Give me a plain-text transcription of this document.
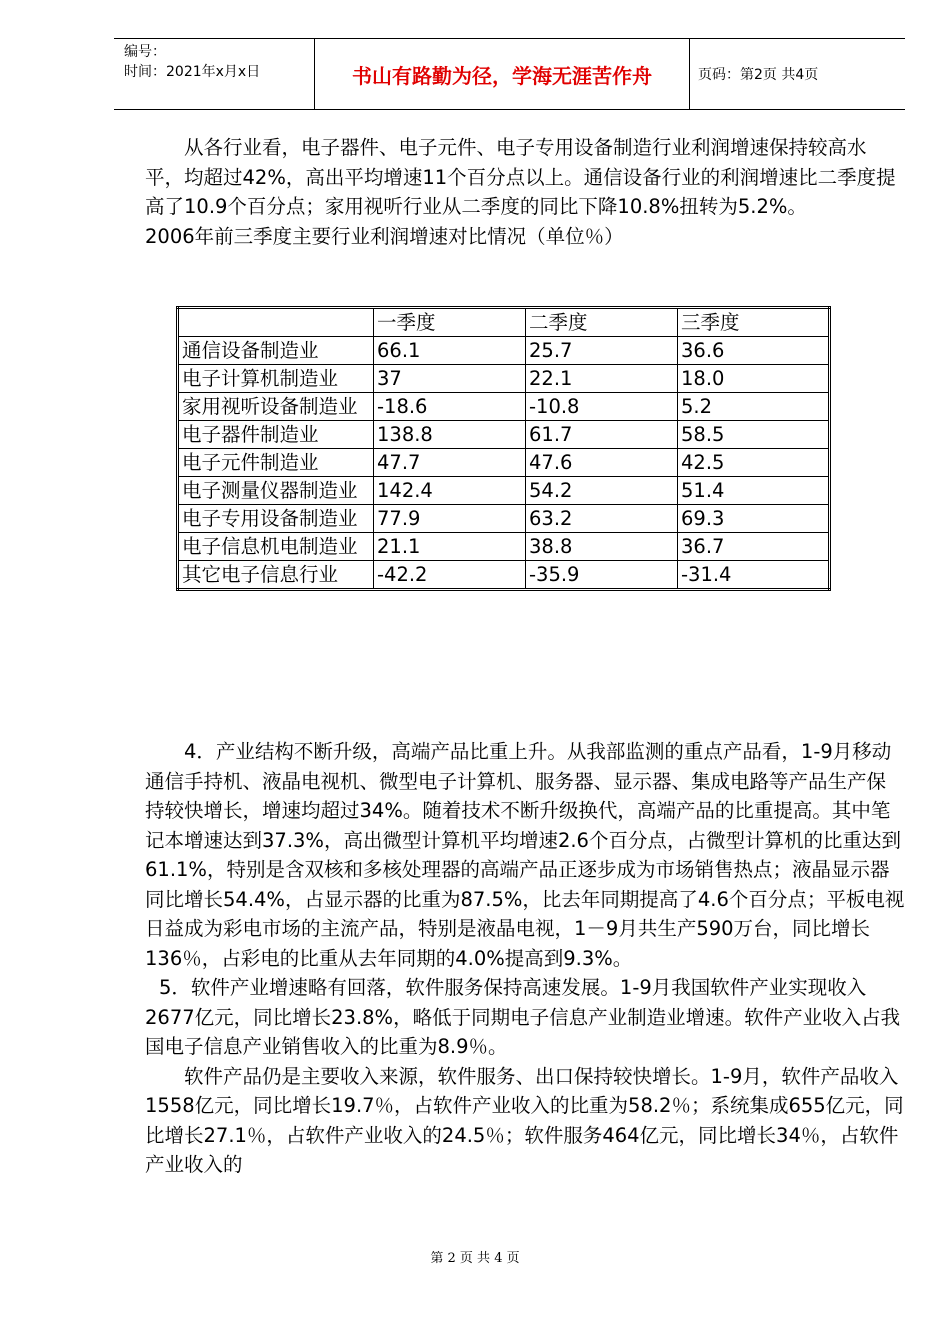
编号：
时间：2021年x月x日	书山有路勤为径，学海无涯苦作舟	页码：第2页 共4页

从各行业看，电子器件、电子元件、电子专用设备制造行业利润增速保持较高水平，均超过42%，高出平均增速11个百分点以上。通信设备行业的利润增速比二季度提高了10.9个百分点；家用视听行业从二季度的同比下降10.8%扭转为5.2%。

2006年前三季度主要行业利润增速对比情况（单位％）

	一季度	二季度	三季度
通信设备制造业	66.1	25.7	36.6
电子计算机制造业	37	22.1	18.0
家用视听设备制造业	-18.6	-10.8	5.2
电子器件制造业	138.8	61.7	58.5
电子元件制造业	47.7	47.6	42.5
电子测量仪器制造业	142.4	54.2	51.4
电子专用设备制造业	77.9	63.2	69.3
电子信息机电制造业	21.1	38.8	36.7
其它电子信息行业	-42.2	-35.9	-31.4

4．产业结构不断升级，高端产品比重上升。从我部监测的重点产品看，1-9月移动通信手持机、液晶电视机、微型电子计算机、服务器、显示器、集成电路等产品生产保持较快增长，增速均超过34%。随着技术不断升级换代，高端产品的比重提高。其中笔记本增速达到37.3%，高出微型计算机平均增速2.6个百分点，占微型计算机的比重达到61.1%，特别是含双核和多核处理器的高端产品正逐步成为市场销售热点；液晶显示器同比增长54.4%，占显示器的比重为87.5%，比去年同期提高了4.6个百分点；平板电视日益成为彩电市场的主流产品，特别是液晶电视，1－9月共生产590万台，同比增长136％，占彩电的比重从去年同期的4.0%提高到9.3%。

5．软件产业增速略有回落，软件服务保持高速发展。1-9月我国软件产业实现收入2677亿元，同比增长23.8%，略低于同期电子信息产业制造业增速。软件产业收入占我国电子信息产业销售收入的比重为8.9％。

软件产品仍是主要收入来源，软件服务、出口保持较快增长。1-9月，软件产品收入1558亿元，同比增长19.7％，占软件产业收入的比重为58.2％；系统集成655亿元，同比增长27.1％，占软件产业收入的24.5％；软件服务464亿元，同比增长34％，占软件产业收入的

第 2 页 共 4 页
